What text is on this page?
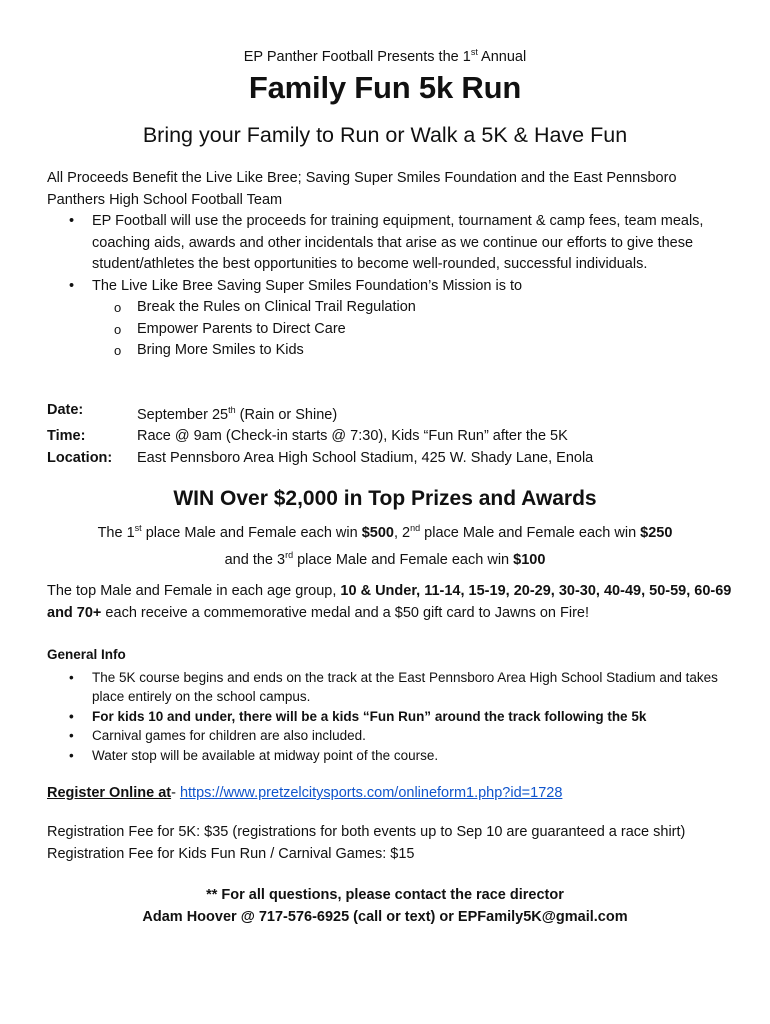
EP Panther Football Presents the 1st Annual
Family Fun 5k Run
Bring your Family to Run or Walk a 5K & Have Fun
All Proceeds Benefit the Live Like Bree; Saving Super Smiles Foundation and the East Pennsboro Panthers High School Football Team
• EP Football will use the proceeds for training equipment, tournament & camp fees, team meals, coaching aids, awards and other incidentals that arise as we continue our efforts to give these student/athletes the best opportunities to become well-rounded, successful individuals.
• The Live Like Bree Saving Super Smiles Foundation’s Mission is to
o Break the Rules on Clinical Trail Regulation
o Empower Parents to Direct Care
o Bring More Smiles to Kids
Date:	September 25th (Rain or Shine)
Time:	Race @ 9am (Check-in starts @ 7:30), Kids “Fun Run” after the 5K
Location:	East Pennsboro Area High School Stadium, 425 W. Shady Lane, Enola
WIN Over $2,000 in Top Prizes and Awards
The 1st place Male and Female each win $500, 2nd place Male and Female each win $250
and the 3rd place Male and Female each win $100
The top Male and Female in each age group, 10 & Under, 11-14, 15-19, 20-29, 30-30, 40-49, 50-59, 60-69 and 70+ each receive a commemorative medal and a $50 gift card to Jawns on Fire!
General Info
• The 5K course begins and ends on the track at the East Pennsboro Area High School Stadium and takes place entirely on the school campus.
• For kids 10 and under, there will be a kids “Fun Run” around the track following the 5k
• Carnival games for children are also included.
• Water stop will be available at midway point of the course.
Register Online at- https://www.pretzelcitysports.com/onlineform1.php?id=1728
Registration Fee for 5K: $35 (registrations for both events up to Sep 10 are guaranteed a race shirt)
Registration Fee for Kids Fun Run / Carnival Games: $15
** For all questions, please contact the race director
Adam Hoover @ 717-576-6925 (call or text) or EPFamily5K@gmail.com
